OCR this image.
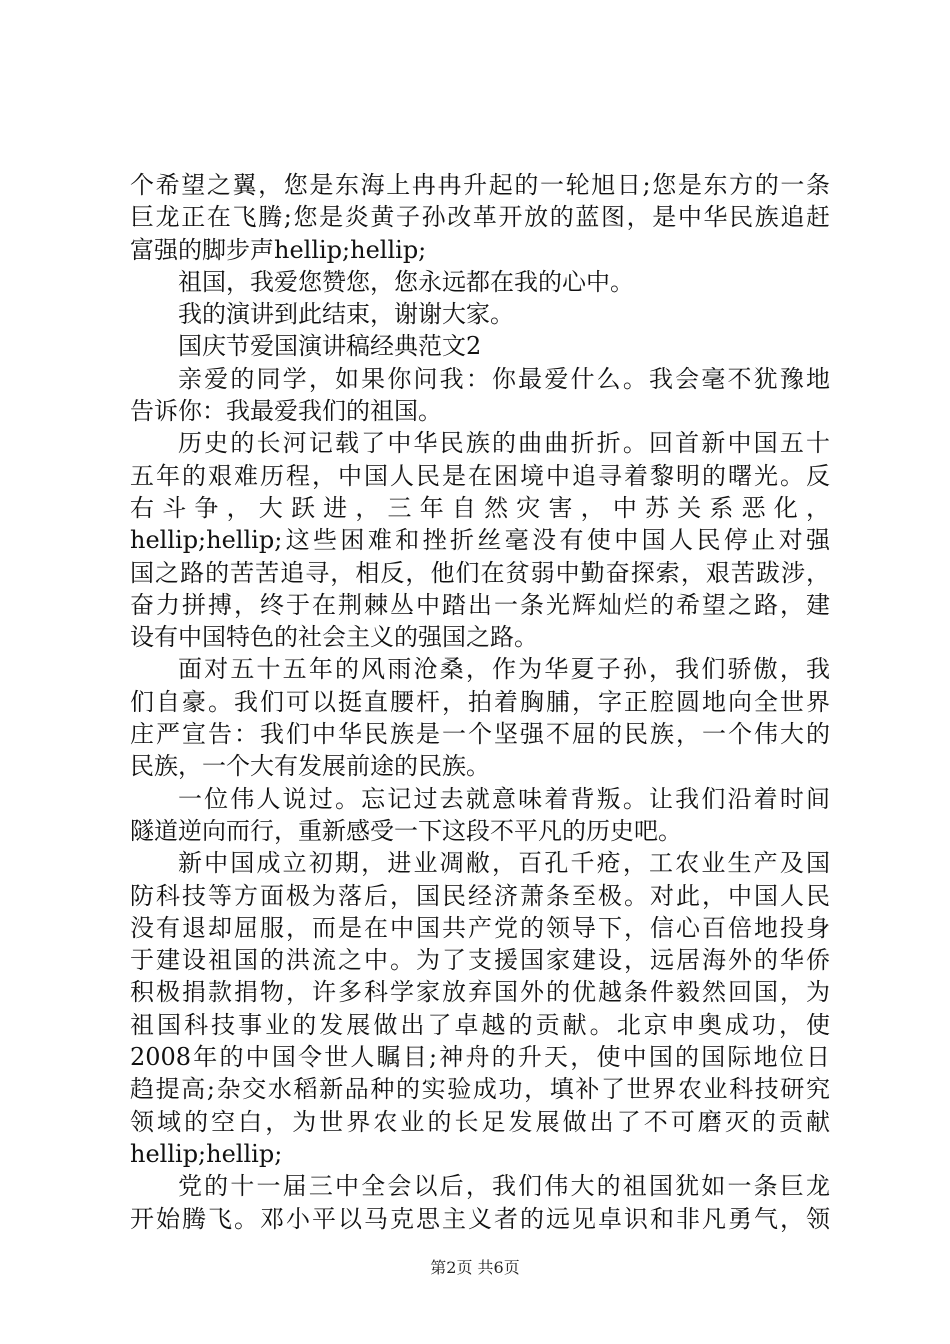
个希望之翼，您是东海上冉冉升起的一轮旭日;您是东方的一条
巨龙正在飞腾;您是炎黄子孙改革开放的蓝图，是中华民族追赶
富强的脚步声hellip;hellip;
祖国，我爱您赞您，您永远都在我的心中。
我的演讲到此结束，谢谢大家。
国庆节爱国演讲稿经典范文2
亲爱的同学，如果你问我：你最爱什么。我会毫不犹豫地
告诉你：我最爱我们的祖国。
历史的长河记载了中华民族的曲曲折折。回首新中国五十
五年的艰难历程，中国人民是在困境中追寻着黎明的曙光。反
右 斗 争 ， 大 跃 进 ， 三 年 自 然 灾 害 ， 中 苏 关 系 恶 化 ，
hellip;hellip;这些困难和挫折丝毫没有使中国人民停止对强
国之路的苦苦追寻，相反，他们在贫弱中勤奋探索，艰苦跋涉，
奋力拼搏，终于在荆棘丛中踏出一条光辉灿烂的希望之路，建
设有中国特色的社会主义的强国之路。
面对五十五年的风雨沧桑，作为华夏子孙，我们骄傲，我
们自豪。我们可以挺直腰杆，拍着胸脯，字正腔圆地向全世界
庄严宣告：我们中华民族是一个坚强不屈的民族，一个伟大的
民族，一个大有发展前途的民族。
一位伟人说过。忘记过去就意味着背叛。让我们沿着时间
隧道逆向而行，重新感受一下这段不平凡的历史吧。
新中国成立初期，进业凋敝，百孔千疮，工农业生产及国
防科技等方面极为落后，国民经济萧条至极。对此，中国人民
没有退却屈服，而是在中国共产党的领导下，信心百倍地投身
于建设祖国的洪流之中。为了支援国家建设，远居海外的华侨
积极捐款捐物，许多科学家放弃国外的优越条件毅然回国，为
祖国科技事业的发展做出了卓越的贡献。北京申奥成功，使
2008年的中国令世人瞩目;神舟的升天，使中国的国际地位日
趋提高;杂交水稻新品种的实验成功，填补了世界农业科技研究
领域的空白，为世界农业的长足发展做出了不可磨灭的贡献
hellip;hellip;
党的十一届三中全会以后，我们伟大的祖国犹如一条巨龙
开始腾飞。邓小平以马克思主义者的远见卓识和非凡勇气，领
第2页 共6页
